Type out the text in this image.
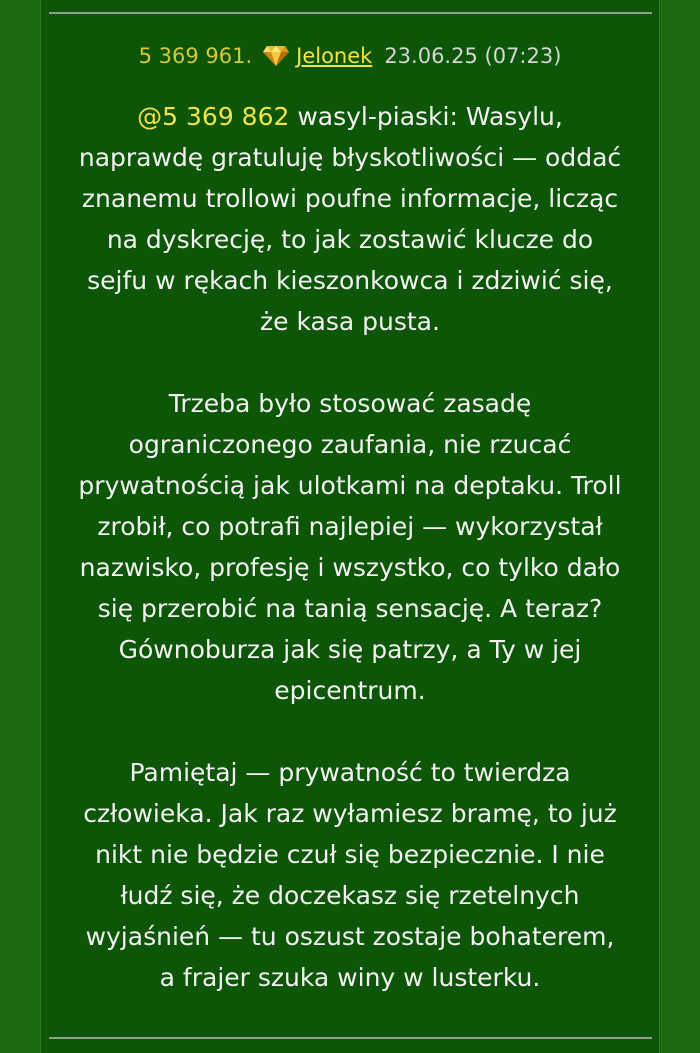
5 369 961. Jelonek 23.06.25 (07:23)
@5 369 862 wasyl-piaski: Wasylu,
naprawdę gratuluję błyskotliwości — oddać
znanemu trollowi poufne informacje, licząc
na dyskrecję, to jak zostawić klucze do
sejfu w rękach kieszonkowca i zdziwić się,
że kasa pusta.
Trzeba było stosować zasadę
ograniczonego zaufania, nie rzucać
prywatnością jak ulotkami na deptaku. Troll
zrobił, co potrafi najlepiej — wykorzystał
nazwisko, profesję i wszystko, co tylko dało
się przerobić na tanią sensację. A teraz?
Gównoburza jak się patrzy, a Ty w jej
epicentrum.
Pamiętaj — prywatność to twierdza
człowieka. Jak raz wyłamiesz bramę, to już
nikt nie będzie czuł się bezpiecznie. I nie
łudź się, że doczekasz się rzetelnych
wyjaśnień — tu oszust zostaje bohaterem,
a frajer szuka winy w lusterku.
